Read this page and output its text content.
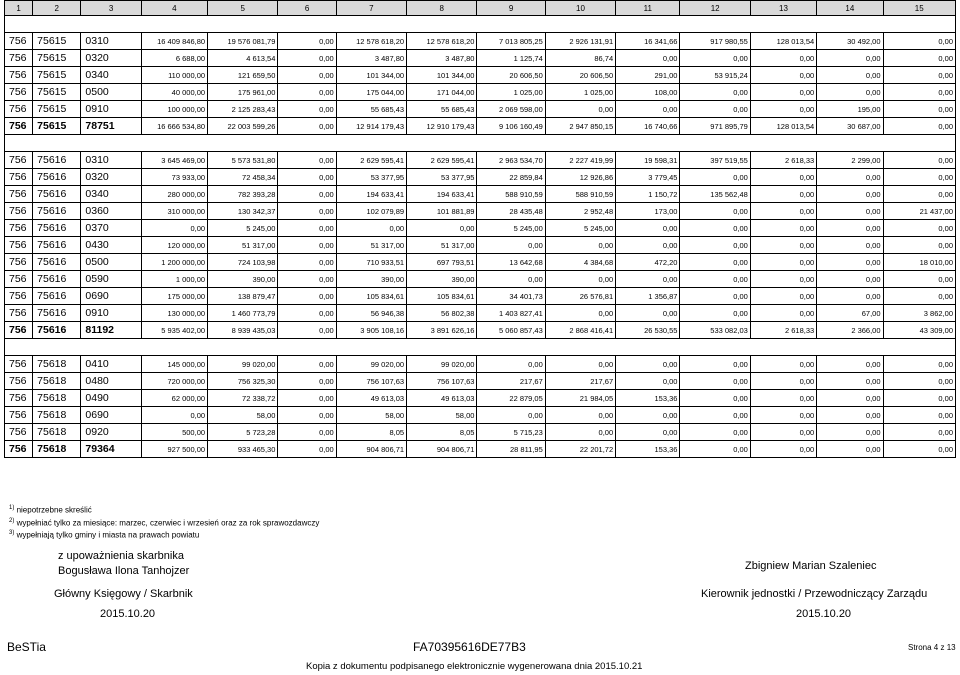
1	2	3	4	5	6	7	8	9	10	11	12	13	14	15

756	75615	0310	16 409 846,80	19 576 081,79	0,00	12 578 618,20	12 578 618,20	7 013 805,25	2 926 131,91	16 341,66	917 980,55	128 013,54	30 492,00	0,00
756	75615	0320	6 688,00	4 613,54	0,00	3 487,80	3 487,80	1 125,74	86,74	0,00	0,00	0,00	0,00	0,00
756	75615	0340	110 000,00	121 659,50	0,00	101 344,00	101 344,00	20 606,50	20 606,50	291,00	53 915,24	0,00	0,00	0,00
756	75615	0500	40 000,00	175 961,00	0,00	175 044,00	171 044,00	1 025,00	1 025,00	108,00	0,00	0,00	0,00	0,00
756	75615	0910	100 000,00	2 125 283,43	0,00	55 685,43	55 685,43	2 069 598,00	0,00	0,00	0,00	0,00	195,00	0,00
756	75615	78751	16 666 534,80	22 003 599,26	0,00	12 914 179,43	12 910 179,43	9 106 160,49	2 947 850,15	16 740,66	971 895,79	128 013,54	30 687,00	0,00

756	75616	0310	3 645 469,00	5 573 531,80	0,00	2 629 595,41	2 629 595,41	2 963 534,70	2 227 419,99	19 598,31	397 519,55	2 618,33	2 299,00	0,00
756	75616	0320	73 933,00	72 458,34	0,00	53 377,95	53 377,95	22 859,84	12 926,86	3 779,45	0,00	0,00	0,00	0,00
756	75616	0340	280 000,00	782 393,28	0,00	194 633,41	194 633,41	588 910,59	588 910,59	1 150,72	135 562,48	0,00	0,00	0,00
756	75616	0360	310 000,00	130 342,37	0,00	102 079,89	101 881,89	28 435,48	2 952,48	173,00	0,00	0,00	0,00	21 437,00
756	75616	0370	0,00	5 245,00	0,00	0,00	0,00	5 245,00	5 245,00	0,00	0,00	0,00	0,00	0,00
756	75616	0430	120 000,00	51 317,00	0,00	51 317,00	51 317,00	0,00	0,00	0,00	0,00	0,00	0,00	0,00
756	75616	0500	1 200 000,00	724 103,98	0,00	710 933,51	697 793,51	13 642,68	4 384,68	472,20	0,00	0,00	0,00	18 010,00
756	75616	0590	1 000,00	390,00	0,00	390,00	390,00	0,00	0,00	0,00	0,00	0,00	0,00	0,00
756	75616	0690	175 000,00	138 879,47	0,00	105 834,61	105 834,61	34 401,73	26 576,81	1 356,87	0,00	0,00	0,00	0,00
756	75616	0910	130 000,00	1 460 773,79	0,00	56 946,38	56 802,38	1 403 827,41	0,00	0,00	0,00	0,00	67,00	3 862,00
756	75616	81192	5 935 402,00	8 939 435,03	0,00	3 905 108,16	3 891 626,16	5 060 857,43	2 868 416,41	26 530,55	533 082,03	2 618,33	2 366,00	43 309,00

756	75618	0410	145 000,00	99 020,00	0,00	99 020,00	99 020,00	0,00	0,00	0,00	0,00	0,00	0,00	0,00
756	75618	0480	720 000,00	756 325,30	0,00	756 107,63	756 107,63	217,67	217,67	0,00	0,00	0,00	0,00	0,00
756	75618	0490	62 000,00	72 338,72	0,00	49 613,03	49 613,03	22 879,05	21 984,05	153,36	0,00	0,00	0,00	0,00
756	75618	0690	0,00	58,00	0,00	58,00	58,00	0,00	0,00	0,00	0,00	0,00	0,00	0,00
756	75618	0920	500,00	5 723,28	0,00	8,05	8,05	5 715,23	0,00	0,00	0,00	0,00	0,00	0,00
756	75618	79364	927 500,00	933 465,30	0,00	904 806,71	904 806,71	28 811,95	22 201,72	153,36	0,00	0,00	0,00	0,00
$^{1)}$ niepotrzebne skreślić
$^{2)}$ wypełniać tylko za miesiące: marzec, czerwiec i wrzesień oraz za rok sprawozdawczy
$^{3)}$ wypełniają tylko gminy i miasta na prawach powiatu
z upoważnienia skarbnika
Bogusława Ilona Tanhojzer
Główny Księgowy / Skarbnik
2015.10.20
Zbigniew Marian Szaleniec
Kierownik jednostki / Przewodniczący Zarządu
2015.10.20
BeSTia	FA70395616DE77B3	Strona 4 z 13
Kopia z dokumentu podpisanego elektronicznie wygenerowana dnia 2015.10.21
